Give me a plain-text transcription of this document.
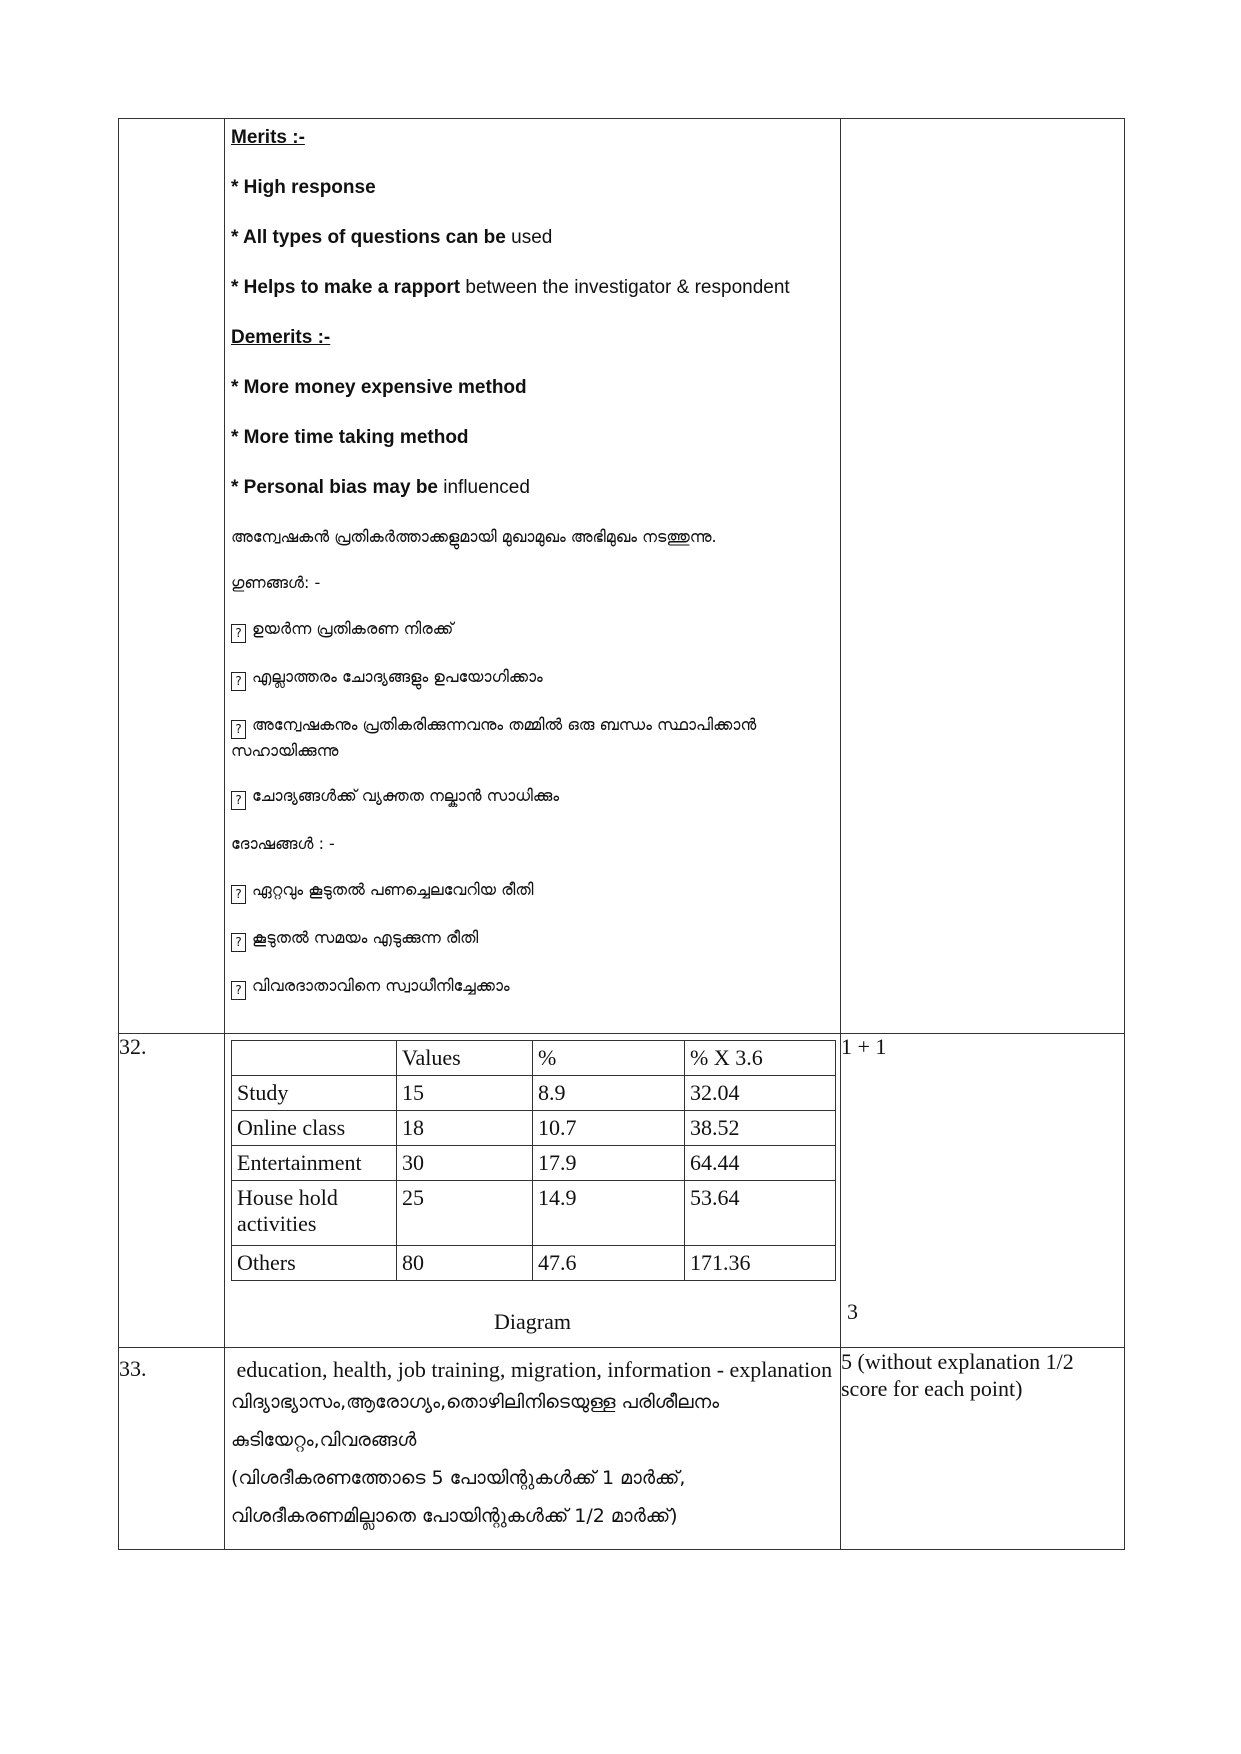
Merits :-

* High response

* All types of questions can be used

* Helps to make a rapport between the investigator & respondent

Demerits :-

* More money expensive method

* More time taking method

* Personal bias may be influenced

അന്വേഷകൻ പ്രതികർത്താക്കളുമായി മുഖാമുഖം അഭിമുഖം നടത്തുന്നു.

ഗുണങ്ങൾ: -

? ഉയർന്ന പ്രതികരണ നിരക്ക്

? എല്ലാത്തരം ചോദ്യങ്ങളും ഉപയോഗിക്കാം

? അന്വേഷകനും പ്രതികരിക്കുന്നവനും തമ്മിൽ ഒരു ബന്ധം സ്ഥാപിക്കാൻ സഹായിക്കുന്നു

? ചോദ്യങ്ങൾക്ക് വ്യക്തത നല്കാൻ സാധിക്കും

ദോഷങ്ങൾ : -

? ഏറ്റവും കൂടുതൽ പണച്ചെലവേറിയ രീതി

? കൂടുതൽ സമയം എടുക്കുന്ന രീതി

? വിവരദാതാവിനെ സ്വാധീനിച്ചേക്കാം

32.	
		Values	%	% X 3.6
Study	15	8.9	32.04
Online class	18	10.7	38.52
Entertainment	30	17.9	64.44
House hold activities	25	14.9	53.64
Others	80	47.6	171.36
Diagram

1 + 1
3

33.	education, health, job training, migration, information - explanation
വിദ്യാഭ്യാസം,ആരോഗ്യം,തൊഴിലിനിടെയുള്ള പരിശീലനം
കുടിയേറ്റം,വിവരങ്ങൾ
(വിശദീകരണത്തോടെ 5 പോയിന്റുകൾക്ക് 1 മാർക്ക്,
വിശദീകരണമില്ലാതെ പോയിന്റുകൾക്ക് 1/2 മാർക്ക്)
	5 (without explanation 1/2 score for each point)
